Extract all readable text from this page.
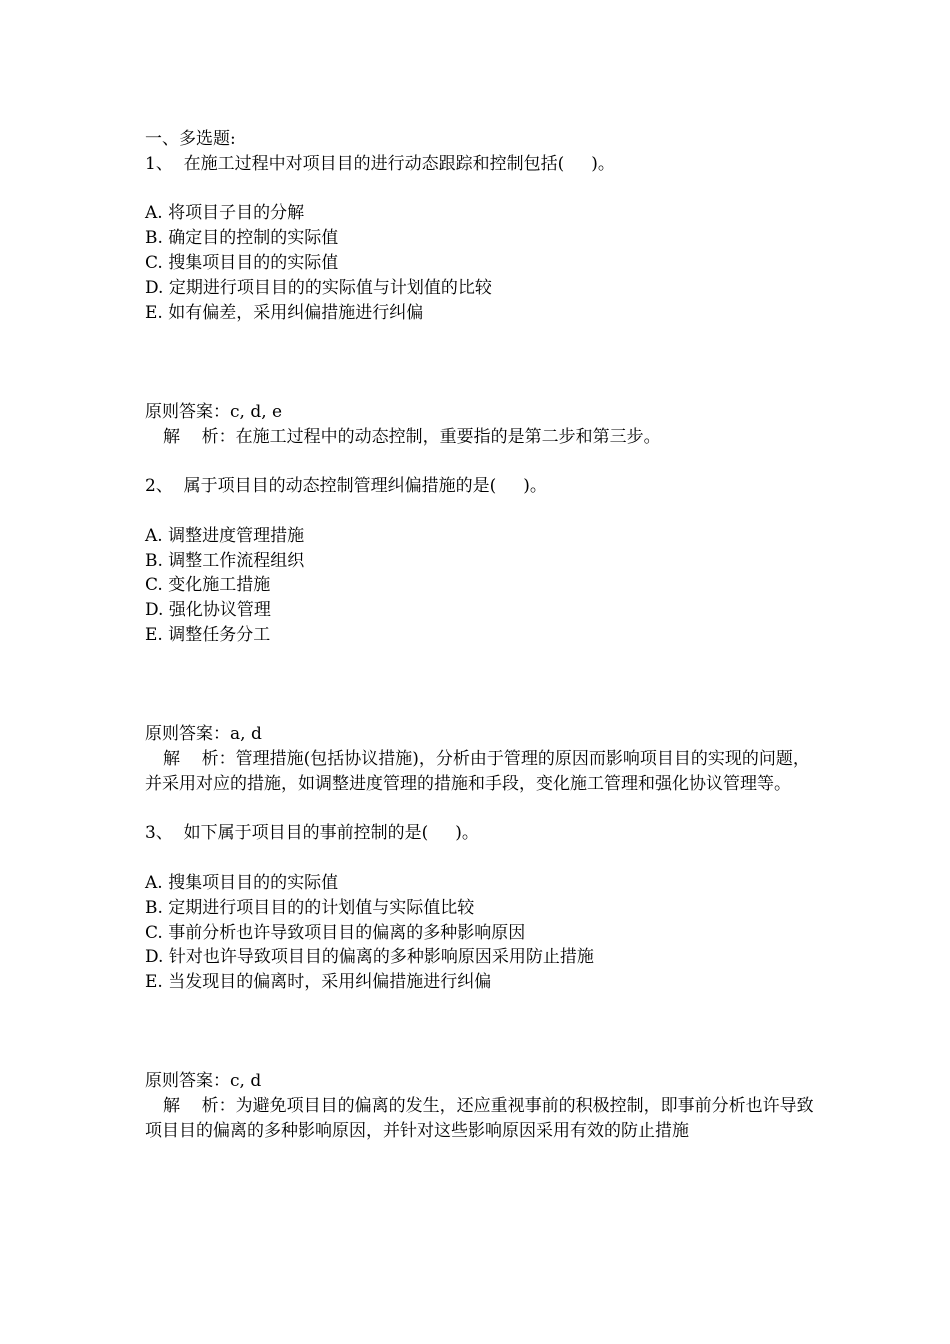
一、多选题:
1、  在施工过程中对项目目的进行动态跟踪和控制包括(     )。
A. 将项目子目的分解
B. 确定目的控制的实际值
C. 搜集项目目的的实际值
D. 定期进行项目目的的实际值与计划值的比较
E. 如有偏差，采用纠偏措施进行纠偏
原则答案：c, d, e
解    析：在施工过程中的动态控制，重要指的是第二步和第三步。
2、  属于项目目的动态控制管理纠偏措施的是(     )。
A. 调整进度管理措施
B. 调整工作流程组织
C. 变化施工措施
D. 强化协议管理
E. 调整任务分工
原则答案：a, d
解    析：管理措施(包括协议措施)，分析由于管理的原因而影响项目目的实现的问题，并采用对应的措施，如调整进度管理的措施和手段，变化施工管理和强化协议管理等。
3、  如下属于项目目的事前控制的是(     )。
A. 搜集项目目的的实际值
B. 定期进行项目目的的计划值与实际值比较
C. 事前分析也许导致项目目的偏离的多种影响原因
D. 针对也许导致项目目的偏离的多种影响原因采用防止措施
E. 当发现目的偏离时，采用纠偏措施进行纠偏
原则答案：c, d
解    析：为避免项目目的偏离的发生，还应重视事前的积极控制，即事前分析也许导致项目目的偏离的多种影响原因，并针对这些影响原因采用有效的防止措施
